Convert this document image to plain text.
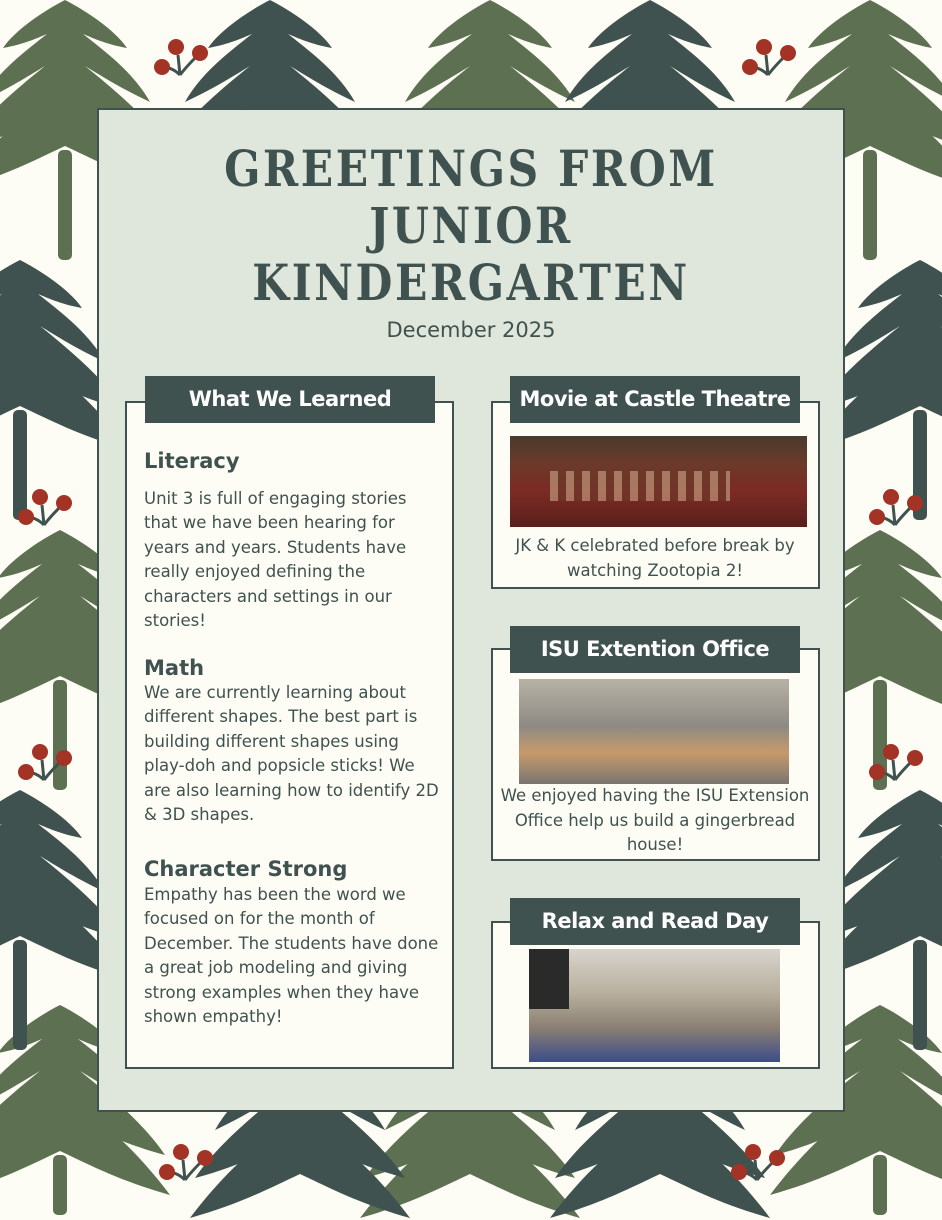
GREETINGS FROM
JUNIOR
KINDERGARTEN
December 2025
What We Learned
Literacy
Unit 3 is full of engaging stories that we have been hearing for years and years. Students have really enjoyed defining the characters and settings in our stories!
Math
We are currently learning about different shapes. The best part is building different shapes using play-doh and popsicle sticks! We are also learning how to identify 2D & 3D shapes.
Character Strong
Empathy has been the word we focused on for the month of December. The students have done a great job modeling and giving strong examples when they have shown empathy!
Movie at Castle Theatre
JK & K celebrated before break by watching Zootopia 2!
ISU Extention Office
We enjoyed having the ISU Extension Office help us build a gingerbread house!
Relax and Read Day
